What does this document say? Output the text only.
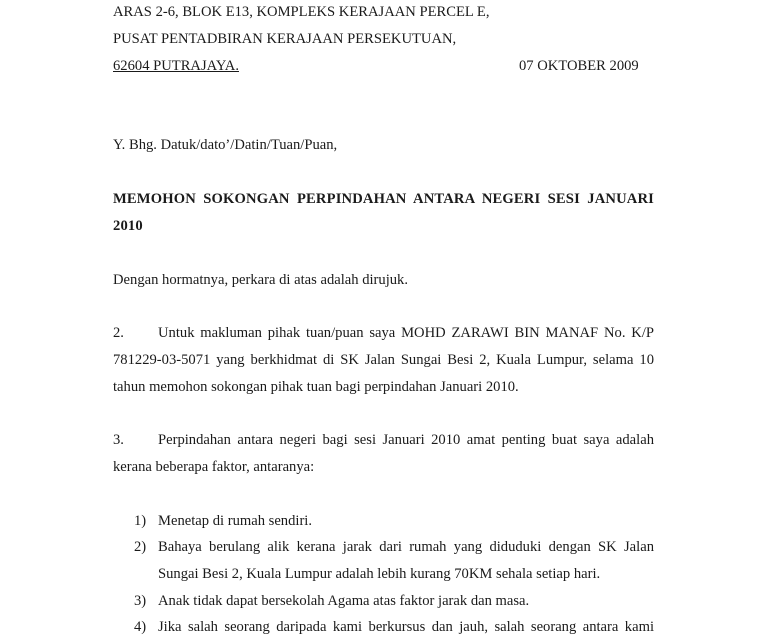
ARAS 2-6, BLOK E13, KOMPLEKS KERAJAAN PERCEL E,
PUSAT PENTADBIRAN KERAJAAN PERSEKUTUAN,
62604 PUTRAJAYA.	07 OKTOBER 2009
Y. Bhg. Datuk/dato’/Datin/Tuan/Puan,
MEMOHON SOKONGAN PERPINDAHAN ANTARA NEGERI SESI JANUARI
2010
Dengan hormatnya, perkara di atas adalah dirujuk.
2. Untuk makluman pihak tuan/puan saya MOHD ZARAWI BIN MANAF No. K/P
781229-03-5071 yang berkhidmat di SK Jalan Sungai Besi 2, Kuala Lumpur, selama 10
tahun memohon sokongan pihak tuan bagi perpindahan Januari 2010.
3. Perpindahan antara negeri bagi sesi Januari 2010 amat penting buat saya adalah
kerana beberapa faktor, antaranya:
1) Menetap di rumah sendiri.
2) Bahaya berulang alik kerana jarak dari rumah yang diduduki dengan SK Jalan
Sungai Besi 2, Kuala Lumpur adalah lebih kurang 70KM sehala setiap hari.
3) Anak tidak dapat bersekolah Agama atas faktor jarak dan masa.
4) Jika salah seorang daripada kami berkursus dan jauh, salah seorang antara kami
